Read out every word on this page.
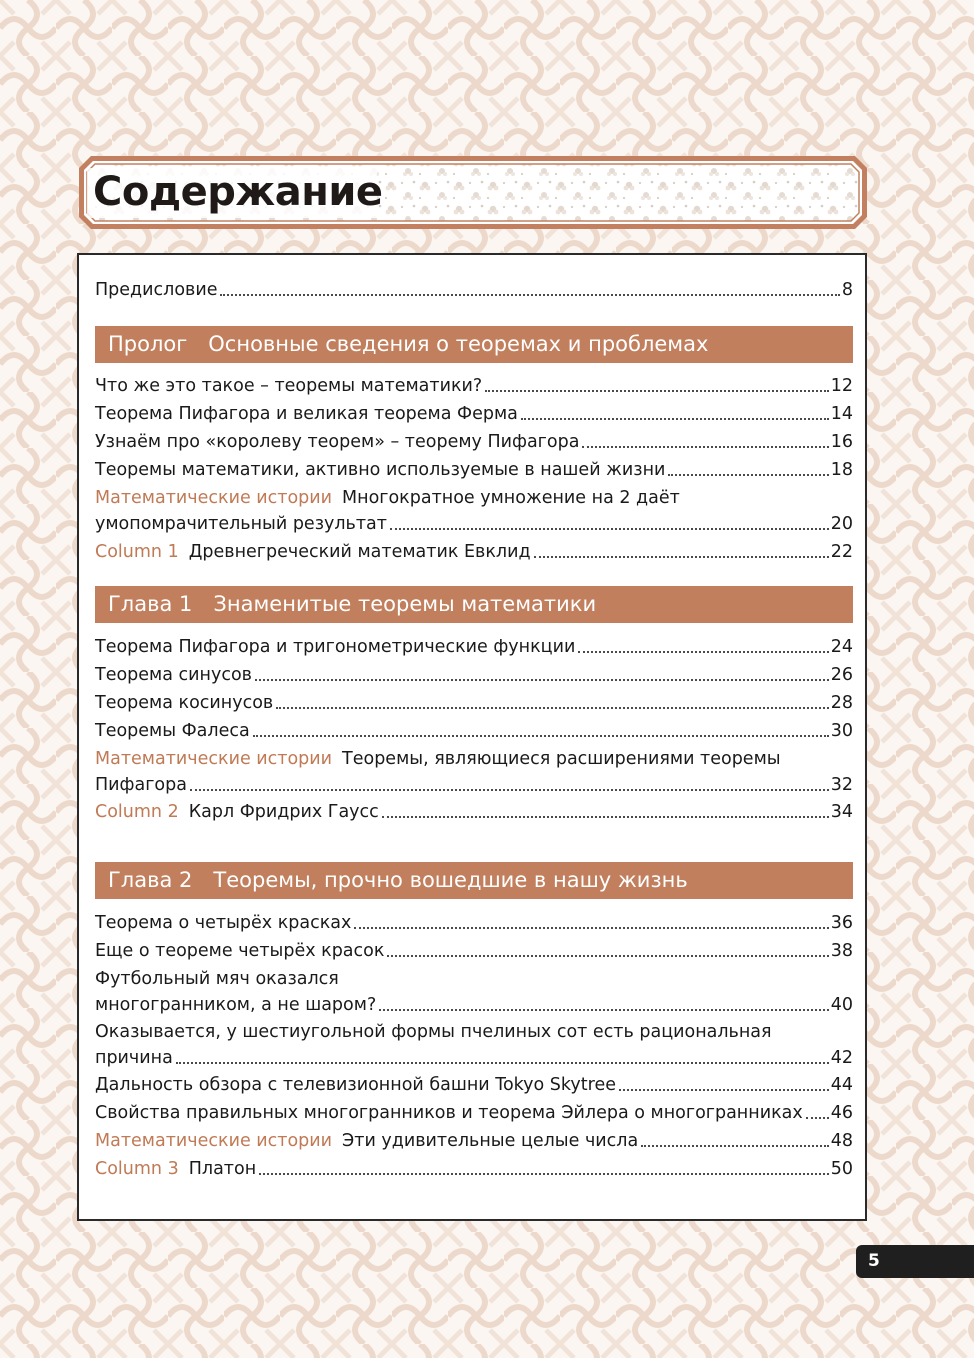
Содержание
Предисловие	8
Пролог Основные сведения о теоремах и проблемах
Что же это такое – теоремы математики?	12
Теорема Пифагора и великая теорема Ферма	14
Узнаём про «королеву теорем» – теорему Пифагора	16
Теоремы математики, активно используемые в нашей жизни	18
Математические истории Многократное умножение на 2 даёт
умопомрачительный результат	20
Column 1 Древнегреческий математик Евклид	22
Глава 1 Знаменитые теоремы математики
Теорема Пифагора и тригонометрические функции	24
Теорема синусов	26
Теорема косинусов	28
Теоремы Фалеса	30
Математические истории Теоремы, являющиеся расширениями теоремы
Пифагора	32
Column 2 Карл Фридрих Гаусс	34
Глава 2 Теоремы, прочно вошедшие в нашу жизнь
Теорема о четырёх красках	36
Еще о теореме четырёх красок	38
Футбольный мяч оказался
многогранником, а не шаром?	40
Оказывается, у шестиугольной формы пчелиных сот есть рациональная
причина	42
Дальность обзора с телевизионной башни Tokyo Skytree	44
Свойства правильных многогранников и теорема Эйлера о многогранниках 46
Математические истории Эти удивительные целые числа	48
Column 3 Платон	50
5
